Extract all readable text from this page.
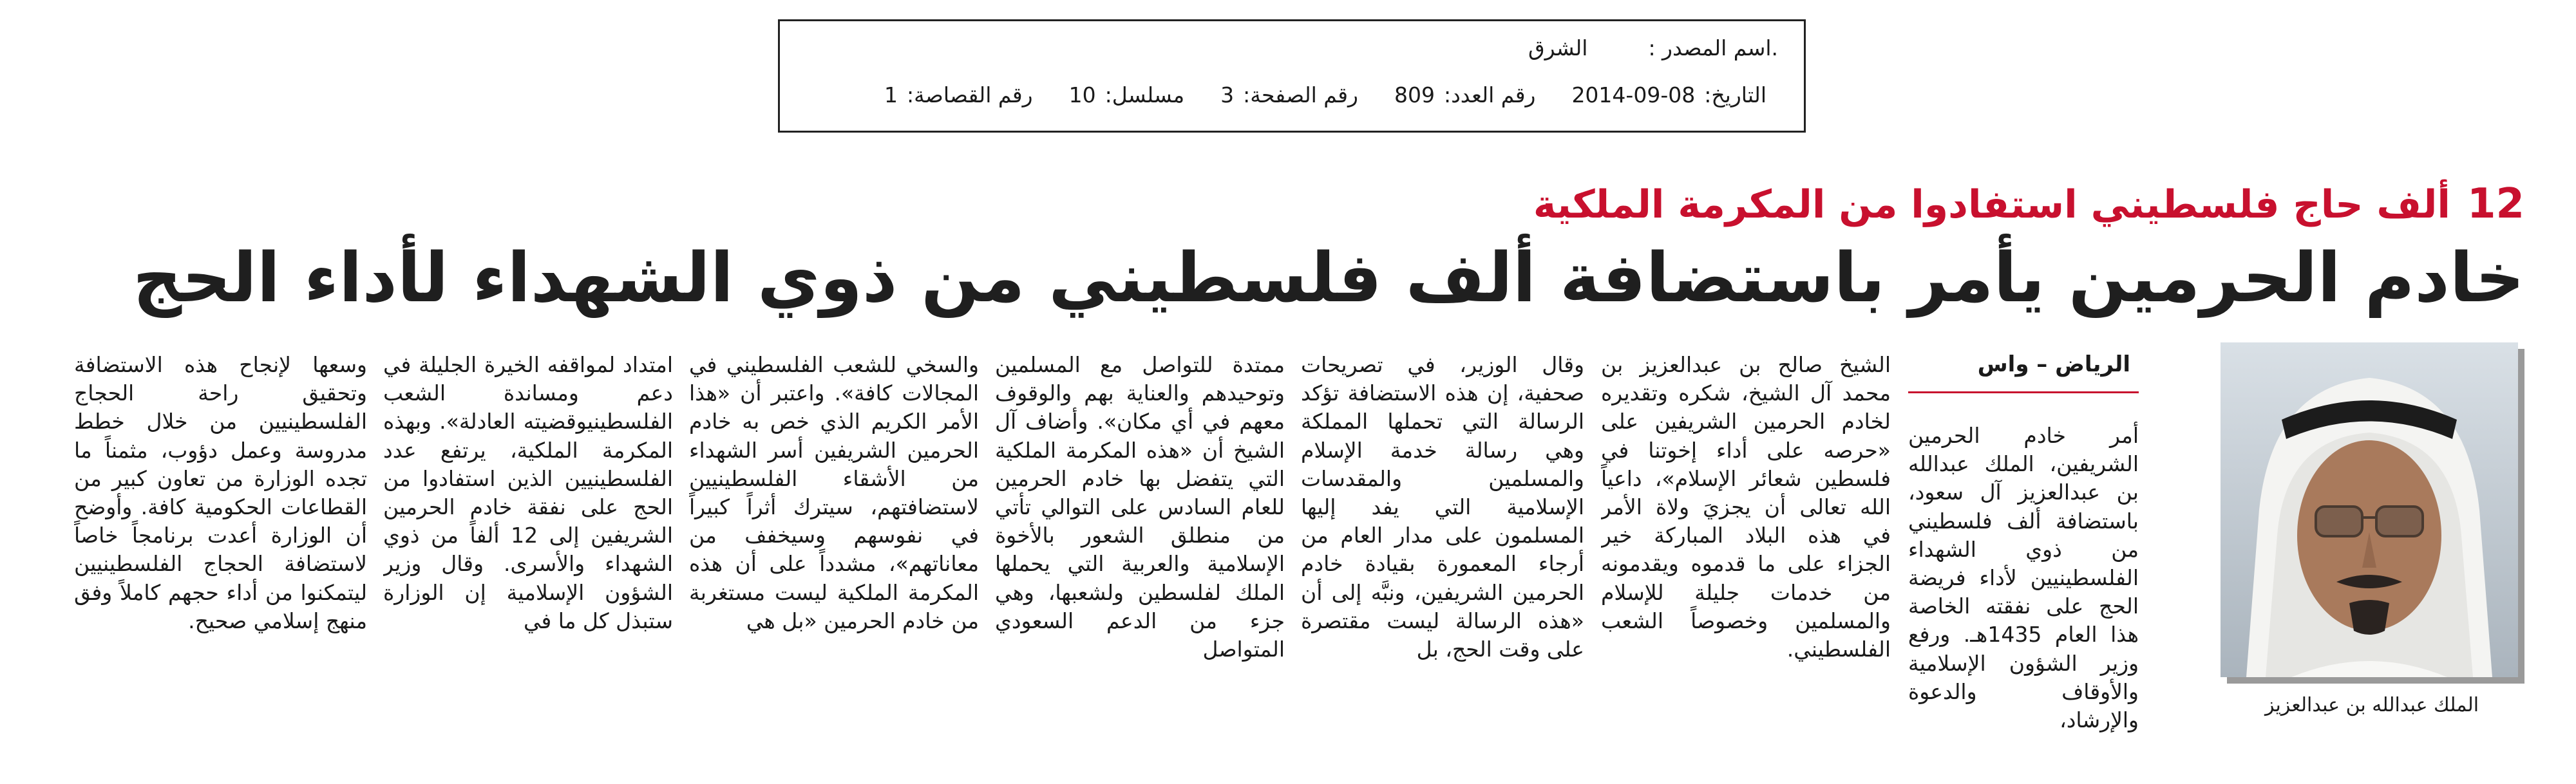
.اسم المصدر :
الشرق
التاريخ:
2014-09-08
رقم العدد:
809
رقم الصفحة:
3
مسلسل:
10
رقم القصاصة:
1
12
ألف حاج فلسطيني استفادوا من المكرمة الملكية
خادم الحرمين يأمر باستضافة ألف فلسطيني من ذوي الشهداء لأداء الحج
الملك عبدالله بن عبدالعزيز
الرياض – واس

أمر خادم الحرمين الشريفين، الملك عبدالله بن عبدالعزيز آل سعود، باستضافة ألف فلسطيني من ذوي الشهداء الفلسطينيين لأداء فريضة الحج على نفقته الخاصة هذا العام 1435هـ. ورفع وزير الشؤون الإسلامية والأوقاف والدعوة والإرشاد،

الشيخ صالح بن عبدالعزيز بن محمد آل الشيخ، شكره وتقديره لخادم الحرمين الشريفين على «حرصه على أداء إخوتنا في فلسطين شعائر الإسلام»، داعياً الله تعالى أن يجزيَ ولاة الأمر في هذه البلاد المباركة خير الجزاء على ما قدموه ويقدمونه من خدمات جليلة للإسلام والمسلمين وخصوصاً الشعب الفلسطيني.

وقال الوزير، في تصريحات صحفية، إن هذه الاستضافة تؤكد الرسالة التي تحملها المملكة وهي رسالة خدمة الإسلام والمسلمين والمقدسات الإسلامية التي يفد إليها المسلمون على مدار العام من أرجاء المعمورة بقيادة خادم الحرمين الشريفين، ونبَّه إلى أن «هذه الرسالة ليست مقتصرة على وقت الحج، بل

ممتدة للتواصل مع المسلمين وتوحيدهم والعناية بهم والوقوف معهم في أي مكان». وأضاف آل الشيخ أن «هذه المكرمة الملكية التي يتفضل بها خادم الحرمين للعام السادس على التوالي تأتي من منطلق الشعور بالأخوة الإسلامية والعربية التي يحملها الملك لفلسطين ولشعبها، وهي جزء من الدعم السعودي المتواصل

والسخي للشعب الفلسطيني في المجالات كافة». واعتبر أن «هذا الأمر الكريم الذي خص به خادم الحرمين الشريفين أسر الشهداء من الأشقاء الفلسطينيين لاستضافتهم، سيترك أثراً كبيراً في نفوسهم وسيخفف من معاناتهم»، مشدداً على أن هذه المكرمة الملكية ليست مستغربة من خادم الحرمين «بل هي

امتداد لمواقفه الخيرة الجليلة في دعم ومساندة الشعب الفلسطينيوقضيته العادلة». وبهذه المكرمة الملكية، يرتفع عدد الفلسطينيين الذين استفادوا من الحج على نفقة خادم الحرمين الشريفين إلى 12 ألفاً من ذوي الشهداء والأسرى. وقال وزير الشؤون الإسلامية إن الوزارة ستبذل كل ما في

وسعها لإنجاح هذه الاستضافة وتحقيق راحة الحجاج الفلسطينيين من خلال خطط مدروسة وعمل دؤوب، مثمناً ما تجده الوزارة من تعاون كبير من القطاعات الحكومية كافة. وأوضح أن الوزارة أعدت برنامجاً خاصاً لاستضافة الحجاج الفلسطينيين ليتمكنوا من أداء حجهم كاملاً وفق منهج إسلامي صحيح.
